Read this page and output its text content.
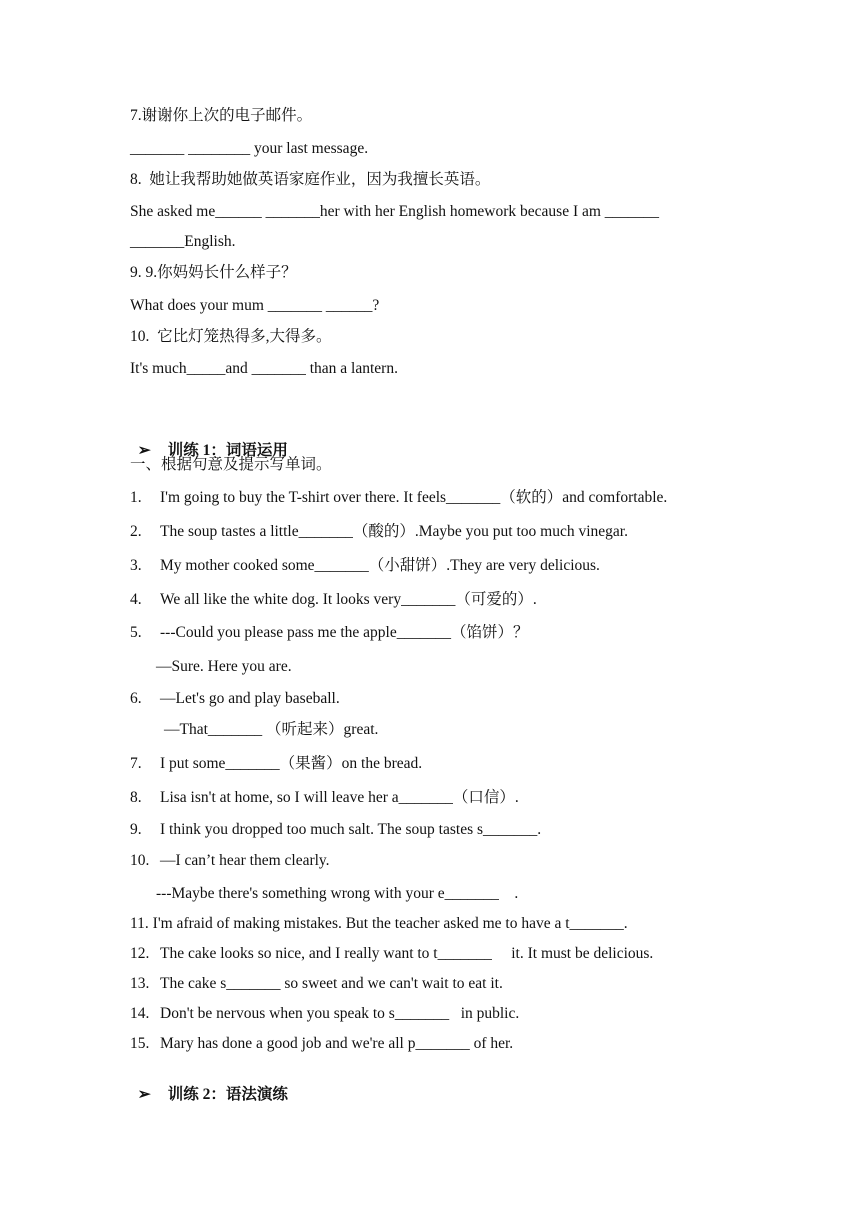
7.谢谢你上次的电子邮件。
_______ ________ your last message.
8.  她让我帮助她做英语家庭作业，因为我擅长英语。
She asked me______ _______her with her English homework because I am _______
_______English.
9. 9.你妈妈长什么样子？
What does your mum _______ ______?
10.  它比灯笼热得多,大得多。
It's much_____and _______ than a lantern.

➢ 训练 1：词语运用

一、根据句意及提示写单词。
1. I'm going to buy the T-shirt over there. It feels_______（软的）and comfortable.
2. The soup tastes a little_______（酸的）.Maybe you put too much vinegar.
3. My mother cooked some_______（小甜饼）.They are very delicious.
4. We all like the white dog. It looks very_______（可爱的）.
5. ---Could you please pass me the apple_______（馅饼）？
—Sure. Here you are.
6. —Let's go and play baseball.
—That_______ （听起来）great.
7. I put some_______（果酱）on the bread.
8. Lisa isn't at home, so I will leave her a_______（口信）.
9. I think you dropped too much salt. The soup tastes s_______.
10. —I can’t hear them clearly.
---Maybe there's something wrong with your e_______    .
11. I'm afraid of making mistakes. But the teacher asked me to have a t_______.
12. The cake looks so nice, and I really want to t_______     it. It must be delicious.
13. The cake s_______ so sweet and we can't wait to eat it.
14. Don't be nervous when you speak to s_______   in public.
15. Mary has done a good job and we're all p_______ of her.

➢ 训练 2：语法演练
